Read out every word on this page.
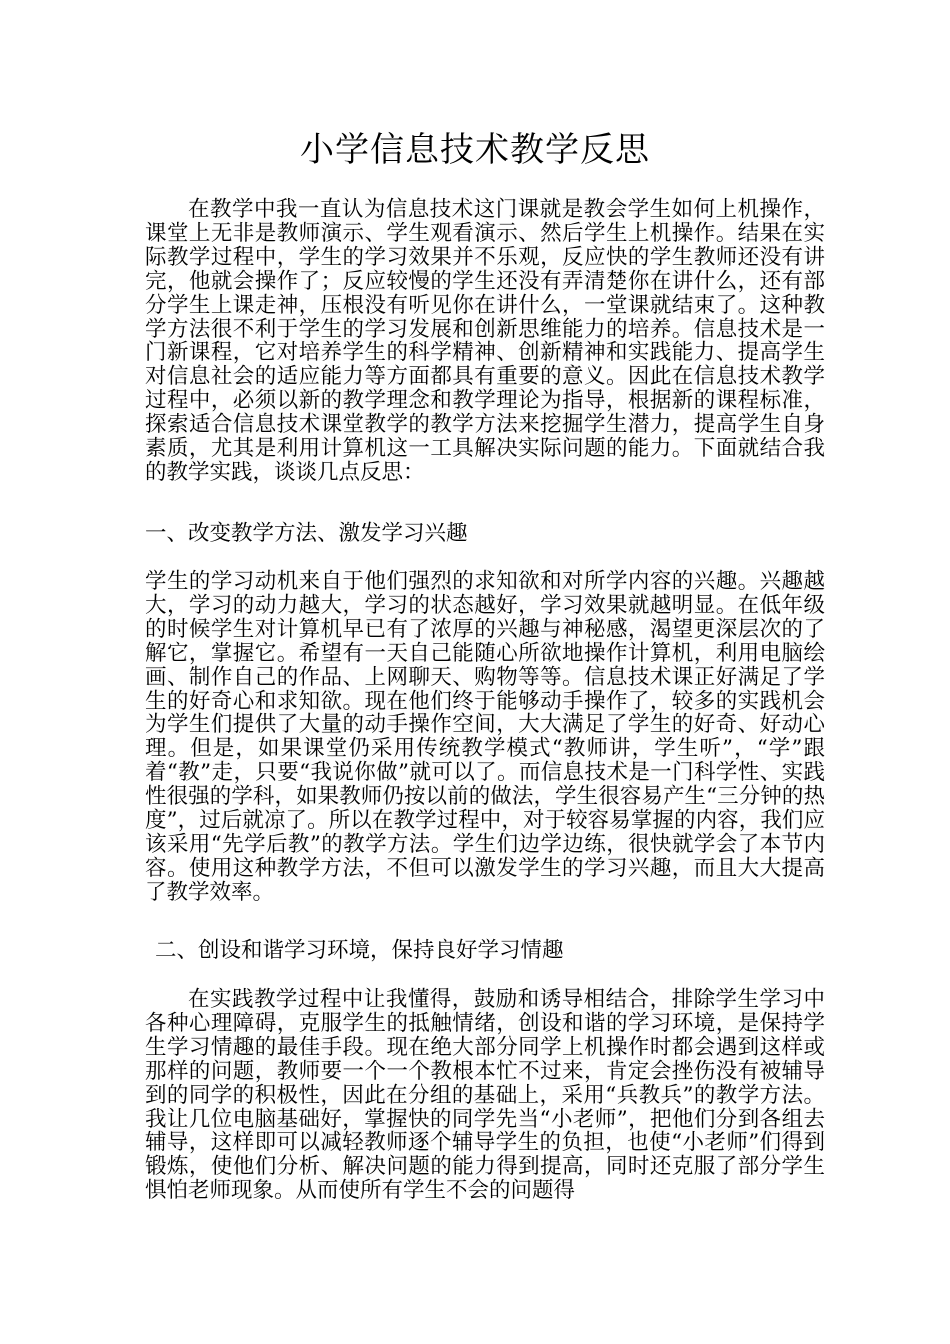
小学信息技术教学反思

在教学中我一直认为信息技术这门课就是教会学生如何上机操作，课堂上无非是教师演示、学生观看演示、然后学生上机操作。结果在实际教学过程中，学生的学习效果并不乐观，反应快的学生教师还没有讲完，他就会操作了；反应较慢的学生还没有弄清楚你在讲什么，还有部分学生上课走神，压根没有听见你在讲什么，一堂课就结束了。这种教学方法很不利于学生的学习发展和创新思维能力的培养。信息技术是一门新课程，它对培养学生的科学精神、创新精神和实践能力、提高学生对信息社会的适应能力等方面都具有重要的意义。因此在信息技术教学过程中，必须以新的教学理念和教学理论为指导，根据新的课程标准，探索适合信息技术课堂教学的教学方法来挖掘学生潜力，提高学生自身素质，尤其是利用计算机这一工具解决实际问题的能力。下面就结合我的教学实践，谈谈几点反思：

一、改变教学方法、激发学习兴趣

学生的学习动机来自于他们强烈的求知欲和对所学内容的兴趣。兴趣越大，学习的动力越大，学习的状态越好，学习效果就越明显。在低年级的时候学生对计算机早已有了浓厚的兴趣与神秘感，渴望更深层次的了解它，掌握它。希望有一天自己能随心所欲地操作计算机，利用电脑绘画、制作自己的作品、上网聊天、购物等等。信息技术课正好满足了学生的好奇心和求知欲。现在他们终于能够动手操作了，较多的实践机会为学生们提供了大量的动手操作空间，大大满足了学生的好奇、好动心理。但是，如果课堂仍采用传统教学模式“教师讲，学生听”，“学”跟着“教”走，只要“我说你做”就可以了。而信息技术是一门科学性、实践性很强的学科，如果教师仍按以前的做法，学生很容易产生“三分钟的热度”，过后就凉了。所以在教学过程中，对于较容易掌握的内容，我们应该采用“先学后教”的教学方法。学生们边学边练，很快就学会了本节内容。使用这种教学方法，不但可以激发学生的学习兴趣，而且大大提高了教学效率。

二、创设和谐学习环境，保持良好学习情趣

在实践教学过程中让我懂得，鼓励和诱导相结合，排除学生学习中各种心理障碍，克服学生的抵触情绪，创设和谐的学习环境，是保持学生学习情趣的最佳手段。现在绝大部分同学上机操作时都会遇到这样或那样的问题，教师要一个一个教根本忙不过来，肯定会挫伤没有被辅导到的同学的积极性，因此在分组的基础上，采用“兵教兵”的教学方法。我让几位电脑基础好，掌握快的同学先当“小老师”，把他们分到各组去辅导，这样即可以减轻教师逐个辅导学生的负担，也使“小老师”们得到锻炼，使他们分析、解决问题的能力得到提高，同时还克服了部分学生惧怕老师现象。从而使所有学生不会的问题得
